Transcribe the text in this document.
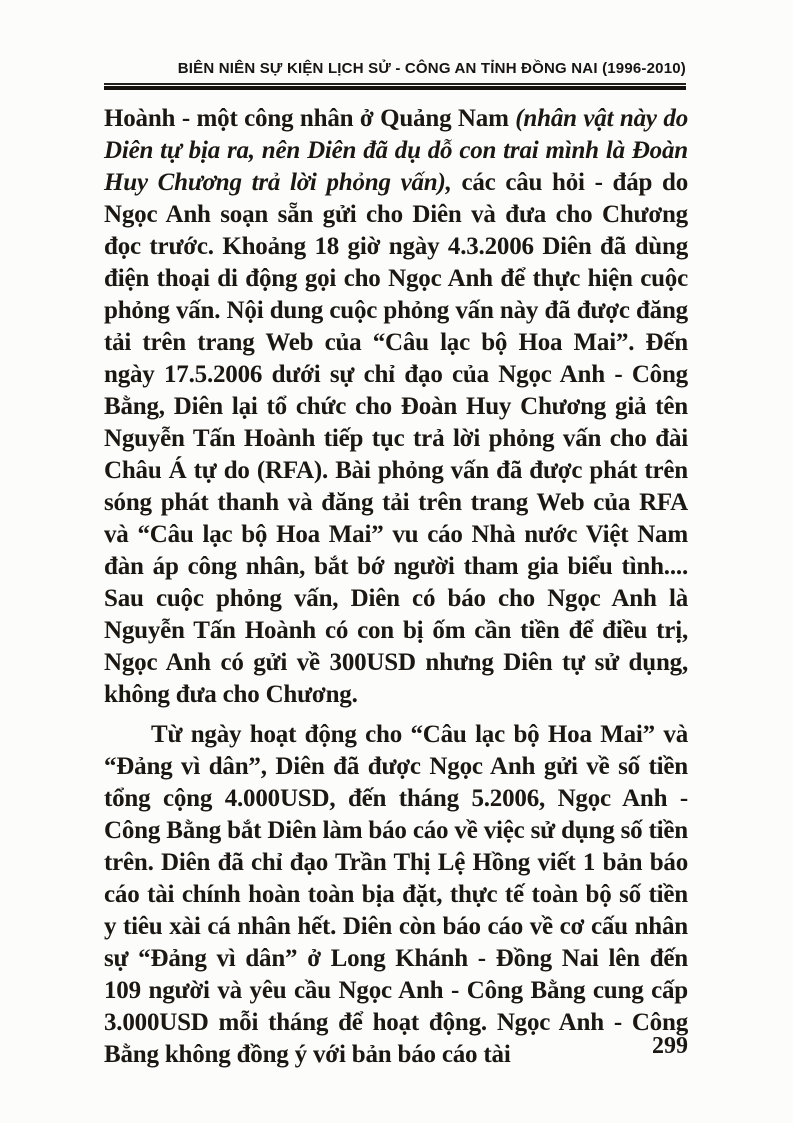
BIÊN NIÊN SỰ KIỆN LỊCH SỬ - CÔNG AN TỈNH ĐỒNG NAI (1996-2010)

Hoành - một công nhân ở Quảng Nam (nhân vật này do Diên tự bịa ra, nên Diên đã dụ dỗ con trai mình là Đoàn Huy Chương trả lời phỏng vấn), các câu hỏi - đáp do Ngọc Anh soạn sẵn gửi cho Diên và đưa cho Chương đọc trước. Khoảng 18 giờ ngày 4.3.2006 Diên đã dùng điện thoại di động gọi cho Ngọc Anh để thực hiện cuộc phỏng vấn. Nội dung cuộc phỏng vấn này đã được đăng tải trên trang Web của “Câu lạc bộ Hoa Mai”. Đến ngày 17.5.2006 dưới sự chỉ đạo của Ngọc Anh - Công Bằng, Diên lại tổ chức cho Đoàn Huy Chương giả tên Nguyễn Tấn Hoành tiếp tục trả lời phỏng vấn cho đài Châu Á tự do (RFA). Bài phỏng vấn đã được phát trên sóng phát thanh và đăng tải trên trang Web của RFA và “Câu lạc bộ Hoa Mai” vu cáo Nhà nước Việt Nam đàn áp công nhân, bắt bớ người tham gia biểu tình.... Sau cuộc phỏng vấn, Diên có báo cho Ngọc Anh là Nguyễn Tấn Hoành có con bị ốm cần tiền để điều trị, Ngọc Anh có gửi về 300USD nhưng Diên tự sử dụng, không đưa cho Chương.

Từ ngày hoạt động cho “Câu lạc bộ Hoa Mai” và “Đảng vì dân”, Diên đã được Ngọc Anh gửi về số tiền tổng cộng 4.000USD, đến tháng 5.2006, Ngọc Anh - Công Bằng bắt Diên làm báo cáo về việc sử dụng số tiền trên. Diên đã chỉ đạo Trần Thị Lệ Hồng viết 1 bản báo cáo tài chính hoàn toàn bịa đặt, thực tế toàn bộ số tiền y tiêu xài cá nhân hết. Diên còn báo cáo về cơ cấu nhân sự “Đảng vì dân” ở Long Khánh - Đồng Nai lên đến 109 người và yêu cầu Ngọc Anh - Công Bằng cung cấp 3.000USD mỗi tháng để hoạt động. Ngọc Anh - Công Bằng không đồng ý với bản báo cáo tài	299
